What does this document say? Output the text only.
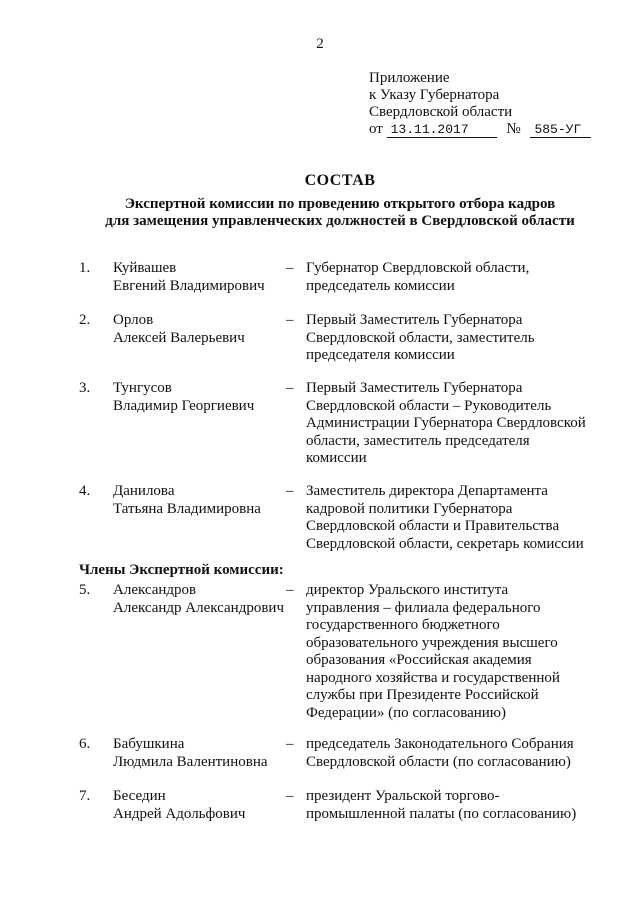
2
Приложение
к Указу Губернатора
Свердловской области
от 13.11.2017	№ 585-УГ
СОСТАВ
Экспертной комиссии по проведению открытого отбора кадров
для замещения управленческих должностей в Свердловской области
1. Куйвашев
Евгений Владимирович
– Губернатор Свердловской области,
председатель комиссии
2. Орлов
Алексей Валерьевич
– Первый Заместитель Губернатора
Свердловской области, заместитель
председателя комиссии
3. Тунгусов
Владимир Георгиевич
– Первый Заместитель Губернатора
Свердловской области – Руководитель
Администрации Губернатора Свердловской
области, заместитель председателя
комиссии
4. Данилова
Татьяна Владимировна
– Заместитель директора Департамента
кадровой политики Губернатора
Свердловской области и Правительства
Свердловской области, секретарь комиссии
Члены Экспертной комиссии:
5. Александров
Александр Александрович
– директор Уральского института
управления – филиала федерального
государственного бюджетного
образовательного учреждения высшего
образования «Российская академия
народного хозяйства и государственной
службы при Президенте Российской
Федерации» (по согласованию)
6. Бабушкина
Людмила Валентиновна
– председатель Законодательного Собрания
Свердловской области (по согласованию)
7. Беседин
Андрей Адольфович
– президент Уральской торгово-
промышленной палаты (по согласованию)
